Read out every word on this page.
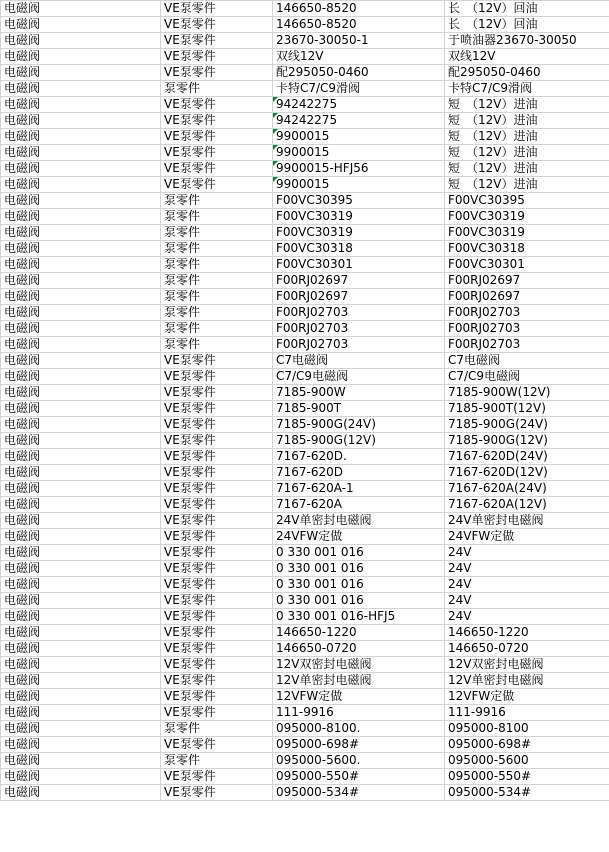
电磁阀	VE泵零件	146650-8520	长　（12V）回油
电磁阀	VE泵零件	146650-8520	长　（12V）回油
电磁阀	VE泵零件	23670-30050-1	于喷油器23670-30050
电磁阀	VE泵零件	双线12V	双线12V
电磁阀	VE泵零件	配295050-0460	配295050-0460
电磁阀	泵零件	卡特C7/C9滑阀	卡特C7/C9滑阀
电磁阀	VE泵零件	94242275	短　（12V）进油
电磁阀	VE泵零件	94242275	短　（12V）进油
电磁阀	VE泵零件	9900015	短　（12V）进油
电磁阀	VE泵零件	9900015	短　（12V）进油
电磁阀	VE泵零件	9900015-HFJ56	短　（12V）进油
电磁阀	VE泵零件	9900015	短　（12V）进油
电磁阀	泵零件	F00VC30395	F00VC30395
电磁阀	泵零件	F00VC30319	F00VC30319
电磁阀	泵零件	F00VC30319	F00VC30319
电磁阀	泵零件	F00VC30318	F00VC30318
电磁阀	泵零件	F00VC30301	F00VC30301
电磁阀	泵零件	F00RJ02697	F00RJ02697
电磁阀	泵零件	F00RJ02697	F00RJ02697
电磁阀	泵零件	F00RJ02703	F00RJ02703
电磁阀	泵零件	F00RJ02703	F00RJ02703
电磁阀	泵零件	F00RJ02703	F00RJ02703
电磁阀	VE泵零件	C7电磁阀	C7电磁阀
电磁阀	VE泵零件	C7/C9电磁阀	C7/C9电磁阀
电磁阀	VE泵零件	7185-900W	7185-900W(12V)
电磁阀	VE泵零件	7185-900T	7185-900T(12V)
电磁阀	VE泵零件	7185-900G(24V)	7185-900G(24V)
电磁阀	VE泵零件	7185-900G(12V)	7185-900G(12V)
电磁阀	VE泵零件	7167-620D.	7167-620D(24V)
电磁阀	VE泵零件	7167-620D	7167-620D(12V)
电磁阀	VE泵零件	7167-620A-1	7167-620A(24V)
电磁阀	VE泵零件	7167-620A	7167-620A(12V)
电磁阀	VE泵零件	24V单密封电磁阀	24V单密封电磁阀
电磁阀	VE泵零件	24VFW定做	24VFW定做
电磁阀	VE泵零件	0 330 001 016	24V
电磁阀	VE泵零件	0 330 001 016	24V
电磁阀	VE泵零件	0 330 001 016	24V
电磁阀	VE泵零件	0 330 001 016	24V
电磁阀	VE泵零件	0 330 001 016-HFJ5	24V
电磁阀	VE泵零件	146650-1220	146650-1220
电磁阀	VE泵零件	146650-0720	146650-0720
电磁阀	VE泵零件	12V双密封电磁阀	12V双密封电磁阀
电磁阀	VE泵零件	12V单密封电磁阀	12V单密封电磁阀
电磁阀	VE泵零件	12VFW定做	12VFW定做
电磁阀	VE泵零件	111-9916	111-9916
电磁阀	泵零件	095000-8100.	095000-8100
电磁阀	VE泵零件	095000-698#	095000-698#
电磁阀	泵零件	095000-5600.	095000-5600
电磁阀	VE泵零件	095000-550#	095000-550#
电磁阀	VE泵零件	095000-534#	095000-534#
